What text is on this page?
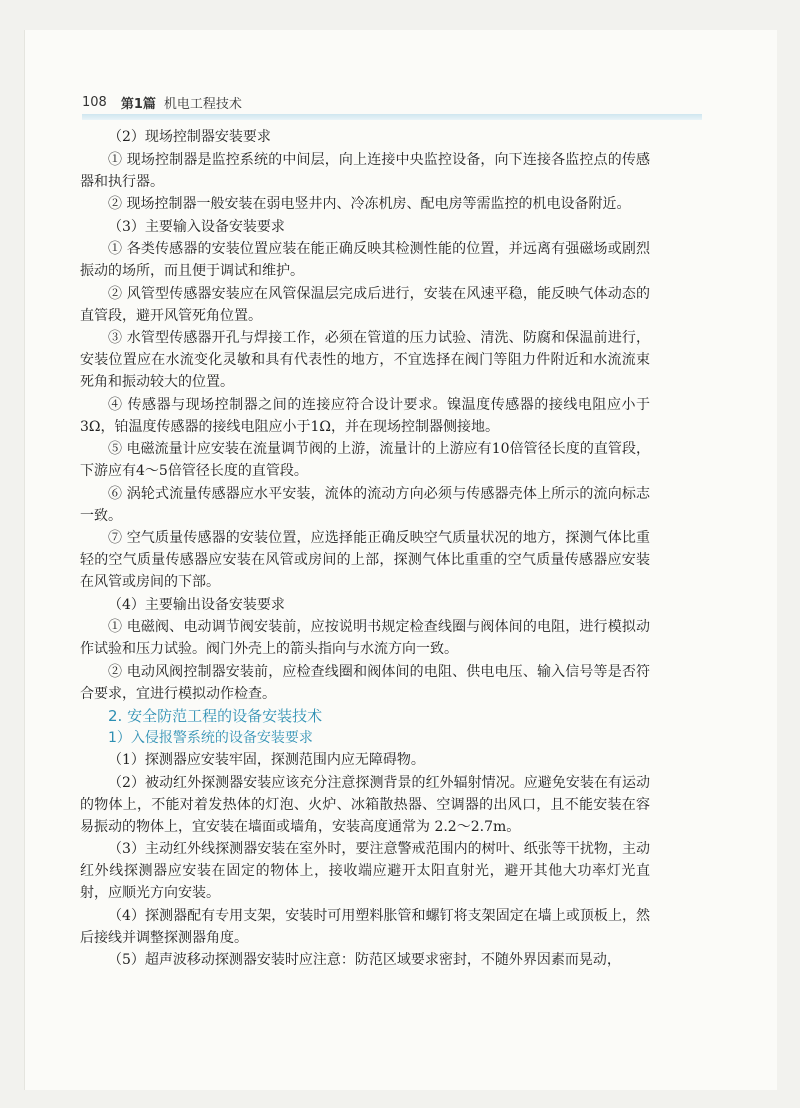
108 第1篇 机电工程技术
（2）现场控制器安装要求
① 现场控制器是监控系统的中间层，向上连接中央监控设备，向下连接各监控点的传感器和执行器。
② 现场控制器一般安装在弱电竖井内、冷冻机房、配电房等需监控的机电设备附近。
（3）主要输入设备安装要求
① 各类传感器的安装位置应装在能正确反映其检测性能的位置，并远离有强磁场或剧烈振动的场所，而且便于调试和维护。
② 风管型传感器安装应在风管保温层完成后进行，安装在风速平稳，能反映气体动态的直管段，避开风管死角位置。
③ 水管型传感器开孔与焊接工作，必须在管道的压力试验、清洗、防腐和保温前进行，安装位置应在水流变化灵敏和具有代表性的地方，不宜选择在阀门等阻力件附近和水流流束死角和振动较大的位置。
④ 传感器与现场控制器之间的连接应符合设计要求。镍温度传感器的接线电阻应小于3Ω，铂温度传感器的接线电阻应小于1Ω，并在现场控制器侧接地。
⑤ 电磁流量计应安装在流量调节阀的上游，流量计的上游应有10倍管径长度的直管段，下游应有4～5倍管径长度的直管段。
⑥ 涡轮式流量传感器应水平安装，流体的流动方向必须与传感器壳体上所示的流向标志一致。
⑦ 空气质量传感器的安装位置，应选择能正确反映空气质量状况的地方，探测气体比重轻的空气质量传感器应安装在风管或房间的上部，探测气体比重重的空气质量传感器应安装在风管或房间的下部。
（4）主要输出设备安装要求
① 电磁阀、电动调节阀安装前，应按说明书规定检查线圈与阀体间的电阻，进行模拟动作试验和压力试验。阀门外壳上的箭头指向与水流方向一致。
② 电动风阀控制器安装前，应检查线圈和阀体间的电阻、供电电压、输入信号等是否符合要求，宜进行模拟动作检查。
2. 安全防范工程的设备安装技术
1）入侵报警系统的设备安装要求
（1）探测器应安装牢固，探测范围内应无障碍物。
（2）被动红外探测器安装应该充分注意探测背景的红外辐射情况。应避免安装在有运动的物体上，不能对着发热体的灯泡、火炉、冰箱散热器、空调器的出风口，且不能安装在容易振动的物体上，宜安装在墙面或墙角，安装高度通常为 2.2～2.7m。
（3）主动红外线探测器安装在室外时，要注意警戒范围内的树叶、纸张等干扰物，主动红外线探测器应安装在固定的物体上，接收端应避开太阳直射光，避开其他大功率灯光直射，应顺光方向安装。
（4）探测器配有专用支架，安装时可用塑料胀管和螺钉将支架固定在墙上或顶板上，然后接线并调整探测器角度。
（5）超声波移动探测器安装时应注意：防范区域要求密封，不随外界因素而晃动，
